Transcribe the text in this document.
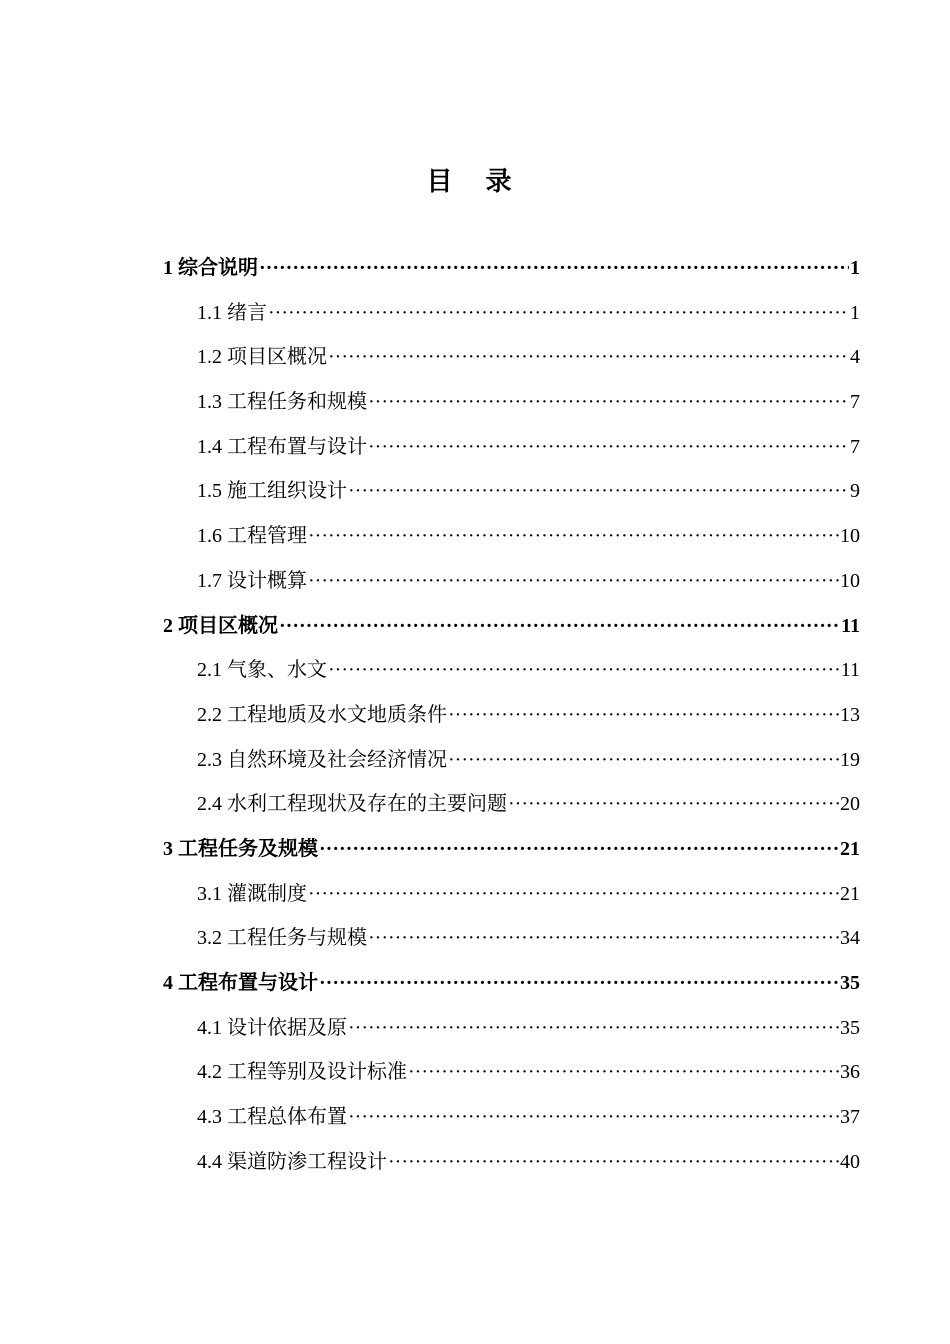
目 录
1 综合说明 ·····	1
1.1 绪言 ·····	1
1.2 项目区概况 ·····	4
1.3 工程任务和规模 ·····	7
1.4 工程布置与设计 ·····	7
1.5 施工组织设计 ·····	9
1.6 工程管理 ·····	10
1.7 设计概算 ·····	10
2 项目区概况 ·····	11
2.1 气象、水文 ·····	11
2.2 工程地质及水文地质条件 ·····	13
2.3 自然环境及社会经济情况 ·····	19
2.4 水利工程现状及存在的主要问题 ·····	20
3 工程任务及规模 ·····	21
3.1 灌溉制度 ·····	21
3.2 工程任务与规模 ·····	34
4 工程布置与设计 ·····	35
4.1 设计依据及原 ·····	35
4.2 工程等别及设计标准 ·····	36
4.3 工程总体布置 ·····	37
4.4 渠道防渗工程设计 ·····	40
